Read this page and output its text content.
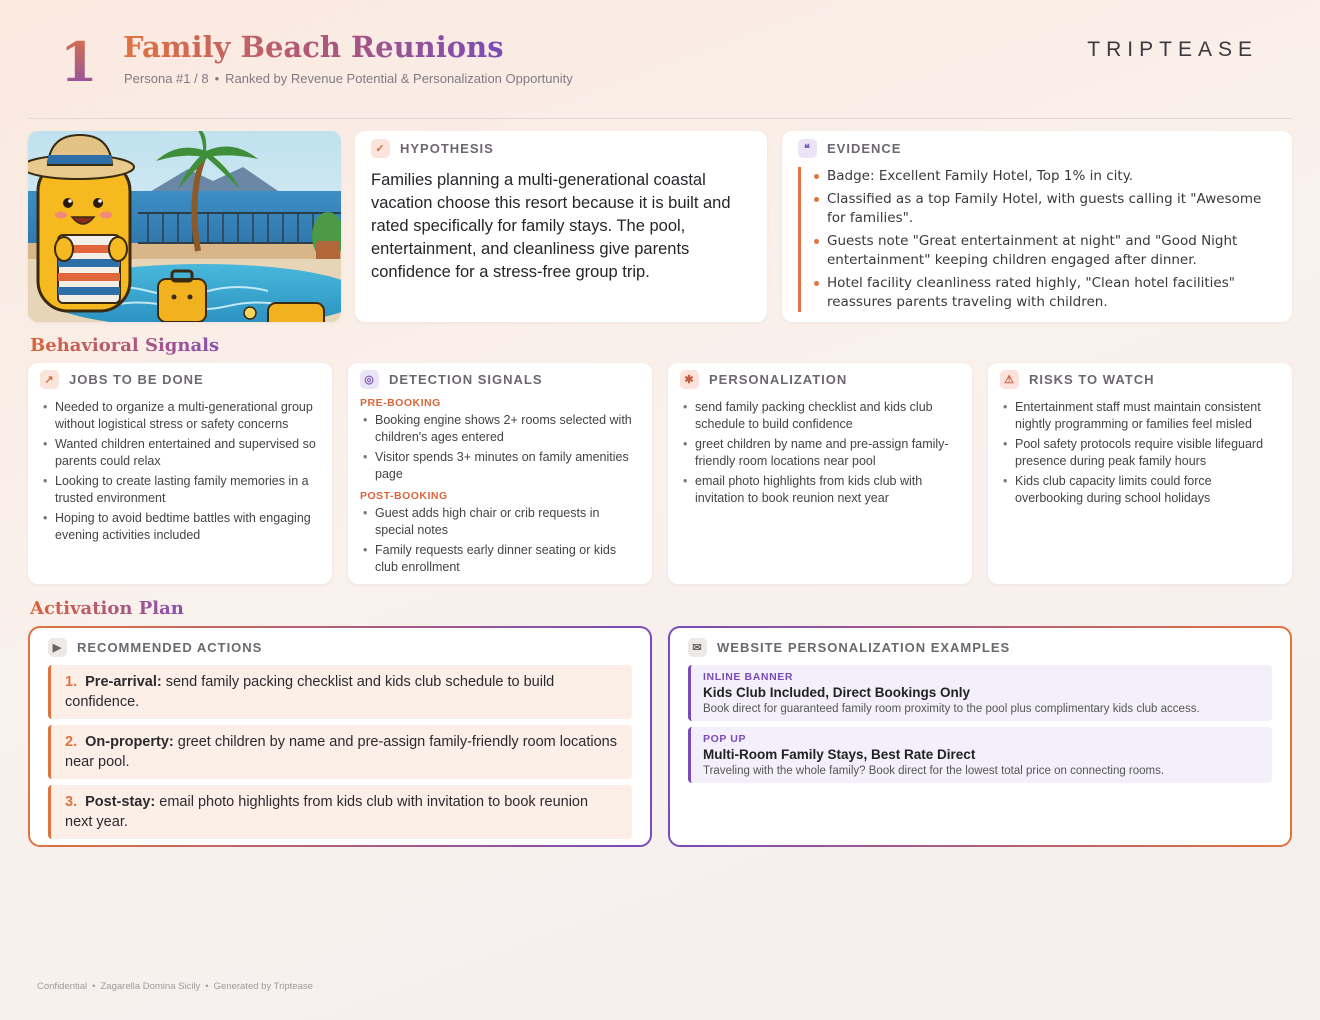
1 Family Beach Reunions
Persona #1 / 8 • Ranked by Revenue Potential & Personalization Opportunity
TRIPTEASE
✓	HYPOTHESIS
Families planning a multi-generational coastal vacation choose this resort because it is built and rated specifically for family stays. The pool, entertainment, and cleanliness give parents confidence for a stress-free group trip.
❝	EVIDENCE
Badge: Excellent Family Hotel, Top 1% in city.
Classified as a top Family Hotel, with guests calling it "Awesome for families".
Guests note "Great entertainment at night" and "Good Night entertainment" keeping children engaged after dinner.
Hotel facility cleanliness rated highly, "Clean hotel facilities" reassures parents traveling with children.
Behavioral Signals
↗	JOBS TO BE DONE
• Needed to organize a multi-generational group without logistical stress or safety concerns
• Wanted children entertained and supervised so parents could relax
• Looking to create lasting family memories in a trusted environment
• Hoping to avoid bedtime battles with engaging evening activities included
◎	DETECTION SIGNALS
PRE-BOOKING
• Booking engine shows 2+ rooms selected with children's ages entered
• Visitor spends 3+ minutes on family amenities page
POST-BOOKING
• Guest adds high chair or crib requests in special notes
• Family requests early dinner seating or kids club enrollment
✱	PERSONALIZATION
• send family packing checklist and kids club schedule to build confidence
• greet children by name and pre-assign family-friendly room locations near pool
• email photo highlights from kids club with invitation to book reunion next year
⚠	RISKS TO WATCH
• Entertainment staff must maintain consistent nightly programming or families feel misled
• Pool safety protocols require visible lifeguard presence during peak family hours
• Kids club capacity limits could force overbooking during school holidays
Activation Plan
▶	RECOMMENDED ACTIONS
1. Pre-arrival: send family packing checklist and kids club schedule to build confidence.
2. On-property: greet children by name and pre-assign family-friendly room locations near pool.
3. Post-stay: email photo highlights from kids club with invitation to book reunion next year.
✉	WEBSITE PERSONALIZATION EXAMPLES
INLINE BANNER
Kids Club Included, Direct Bookings Only
Book direct for guaranteed family room proximity to the pool plus complimentary kids club access.
POP UP
Multi-Room Family Stays, Best Rate Direct
Traveling with the whole family? Book direct for the lowest total price on connecting rooms.
Confidential • Zagarella Domina Sicily • Generated by Triptease
